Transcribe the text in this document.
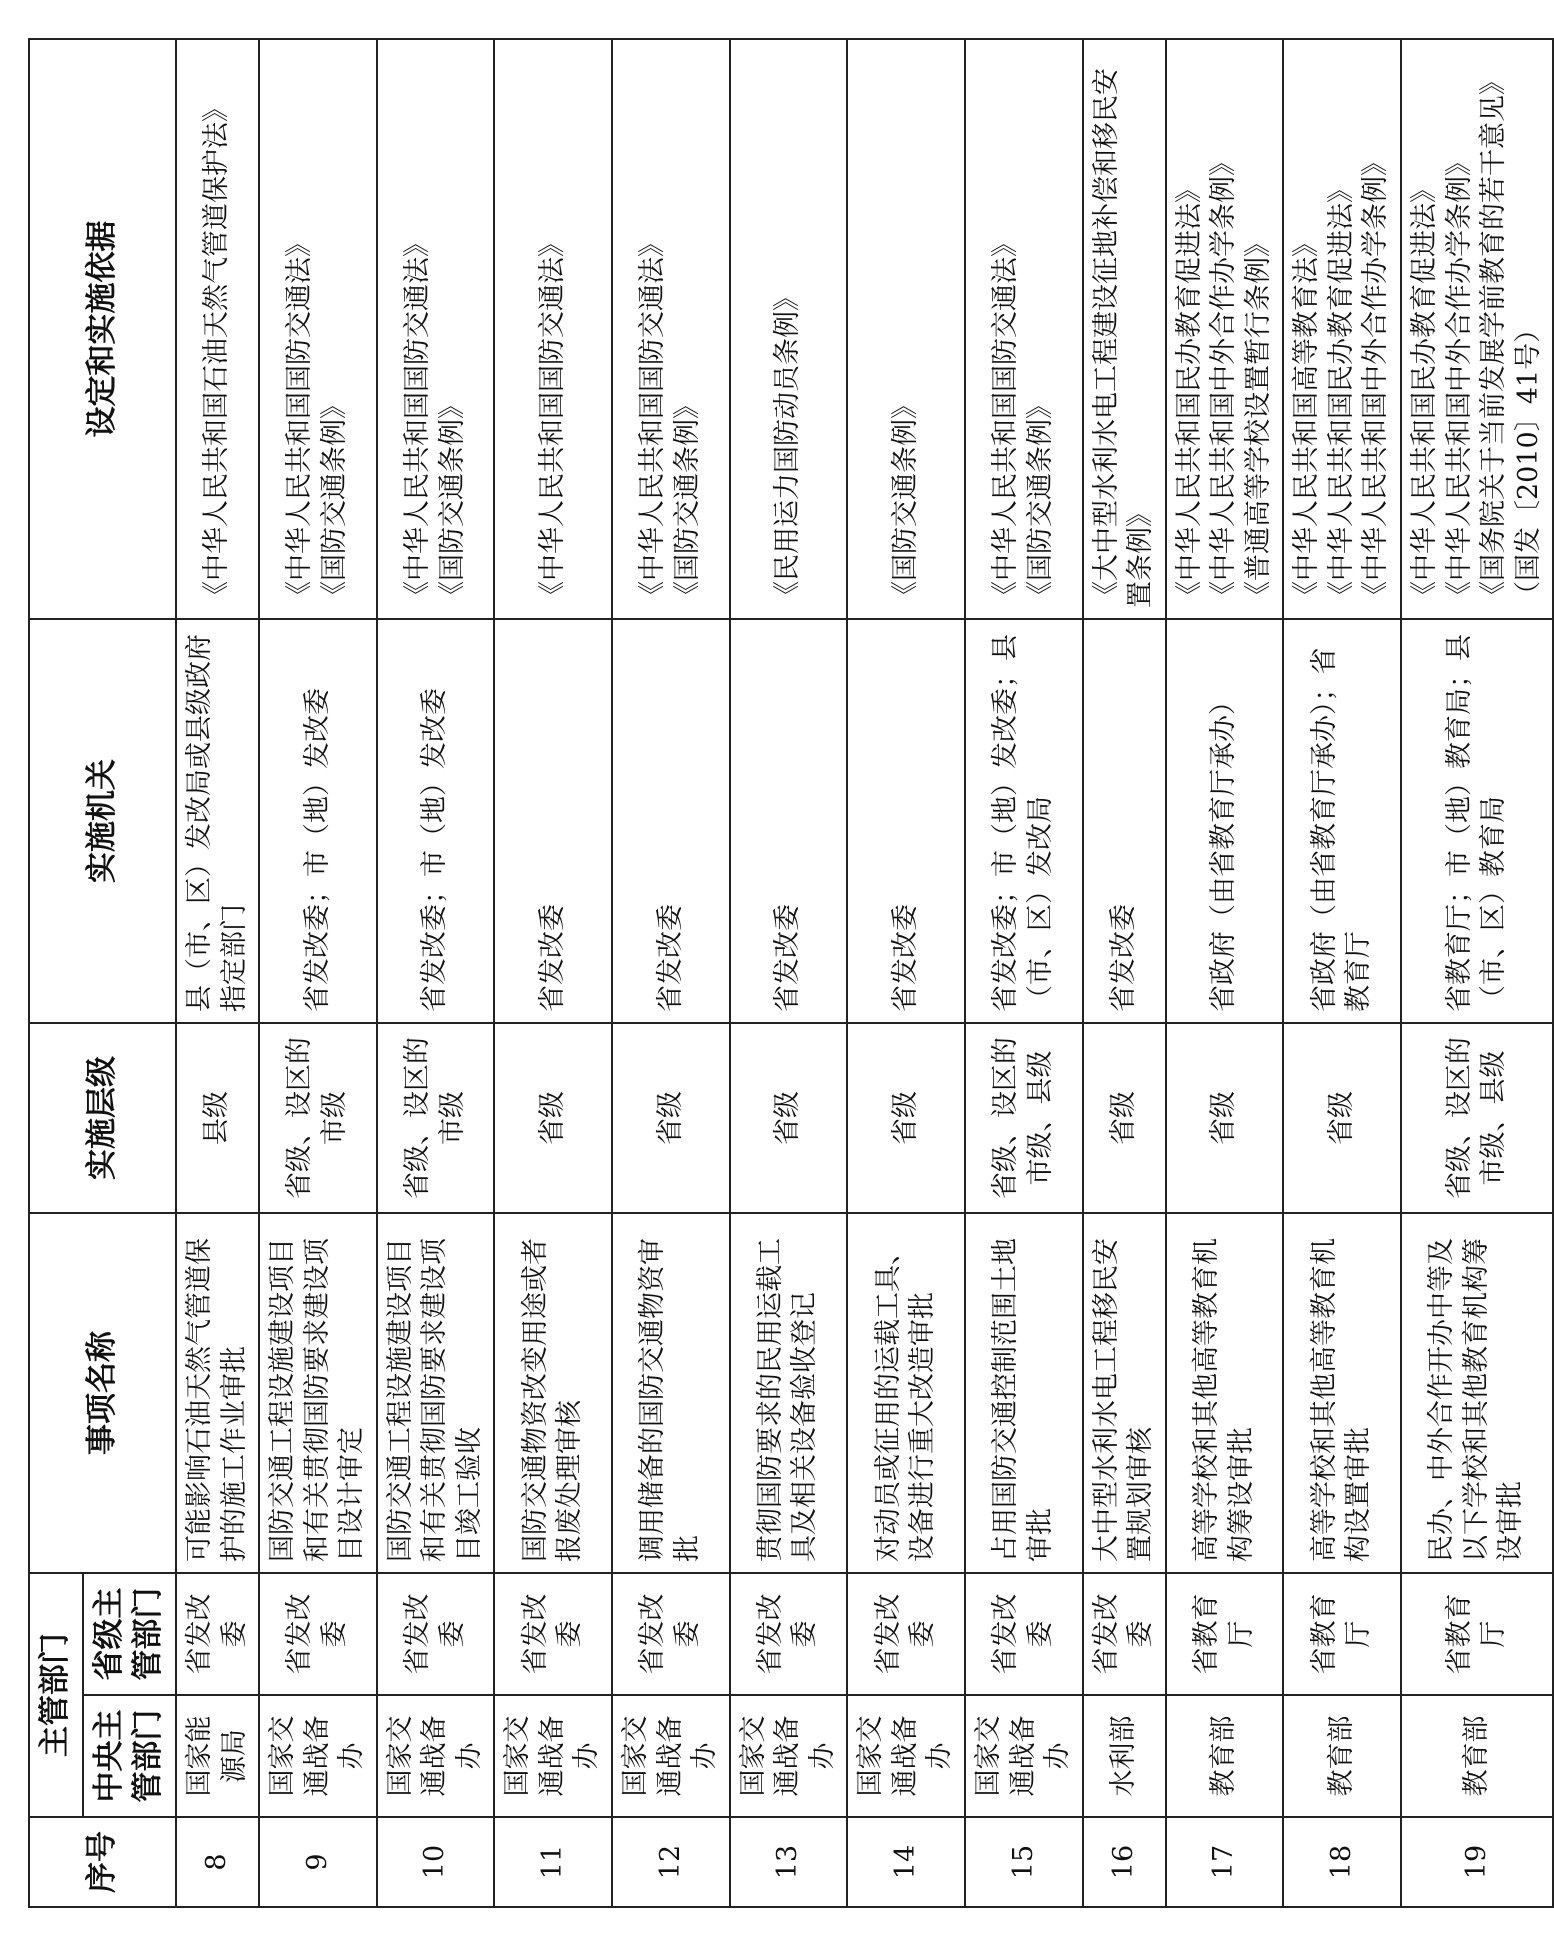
序号	主管部门		事项名称	实施层级	实施机关	设定和实施依据
	中央主管部门	省级主管部门				
8	国家能源局	省发改委	可能影响石油天然气管道保护的施工作业审批	县级	县（市、区）发改局或县级政府指定部门	《中华人民共和国石油天然气管道保护法》

9	国家交通战备办	省发改委	国防交通工程设施建设项目和有关贯彻国防要求建设项目设计审定	省级、设区的市级	省发改委；市（地）发改委	《中华人民共和国国防交通法》 《国防交通条例》

10	国家交通战备办	省发改委	国防交通工程设施建设项目和有关贯彻国防要求建设项目竣工验收	省级、设区的市级	省发改委；市（地）发改委	《中华人民共和国国防交通法》 《国防交通条例》

11	国家交通战备办	省发改委	国防交通物资改变用途或者报废处理审核	省级	省发改委	《中华人民共和国国防交通法》

12	国家交通战备办	省发改委	调用储备的国防交通物资审批	省级	省发改委	《中华人民共和国国防交通法》 《国防交通条例》

13	国家交通战备办	省发改委	贯彻国防要求的民用运载工具及相关设备验收登记	省级	省发改委	《民用运力国防动员条例》

14	国家交通战备办	省发改委	对动员或征用的运载工具、设备进行重大改造审批	省级	省发改委	《国防交通条例》

15	国家交通战备办	省发改委	占用国防交通控制范围土地审批	省级、设区的市级、县级	省发改委；市（地）发改委；县（市、区）发改局	《中华人民共和国国防交通法》 《国防交通条例》

16	水利部	省发改委	大中型水利水电工程移民安置规划审核	省级	省发改委	《大中型水利水电工程建设征地补偿和移民安置条例》

17	教育部	省教育厅	高等学校和其他高等教育机构筹设审批	省级	省政府（由省教育厅承办）	《中华人民共和国民办教育促进法》 《中华人民共和国中外合作办学条例》 《普通高等学校设置暂行条例》

18	教育部	省教育厅	高等学校和其他高等教育机构设置审批	省级	省政府（由省教育厅承办）；省教育厅	《中华人民共和国高等教育法》 《中华人民共和国民办教育促进法》 《中华人民共和国中外合作办学条例》

19	教育部	省教育厅	民办、中外合作开办中等及以下学校和其他教育机构筹设审批	省级、设区的市级、县级	省教育厅；市（地）教育局；县（市、区）教育局	《中华人民共和国民办教育促进法》 《中华人民共和国中外合作办学条例》 《国务院关于当前发展学前教育的若干意见》（国发〔2010〕41号）
